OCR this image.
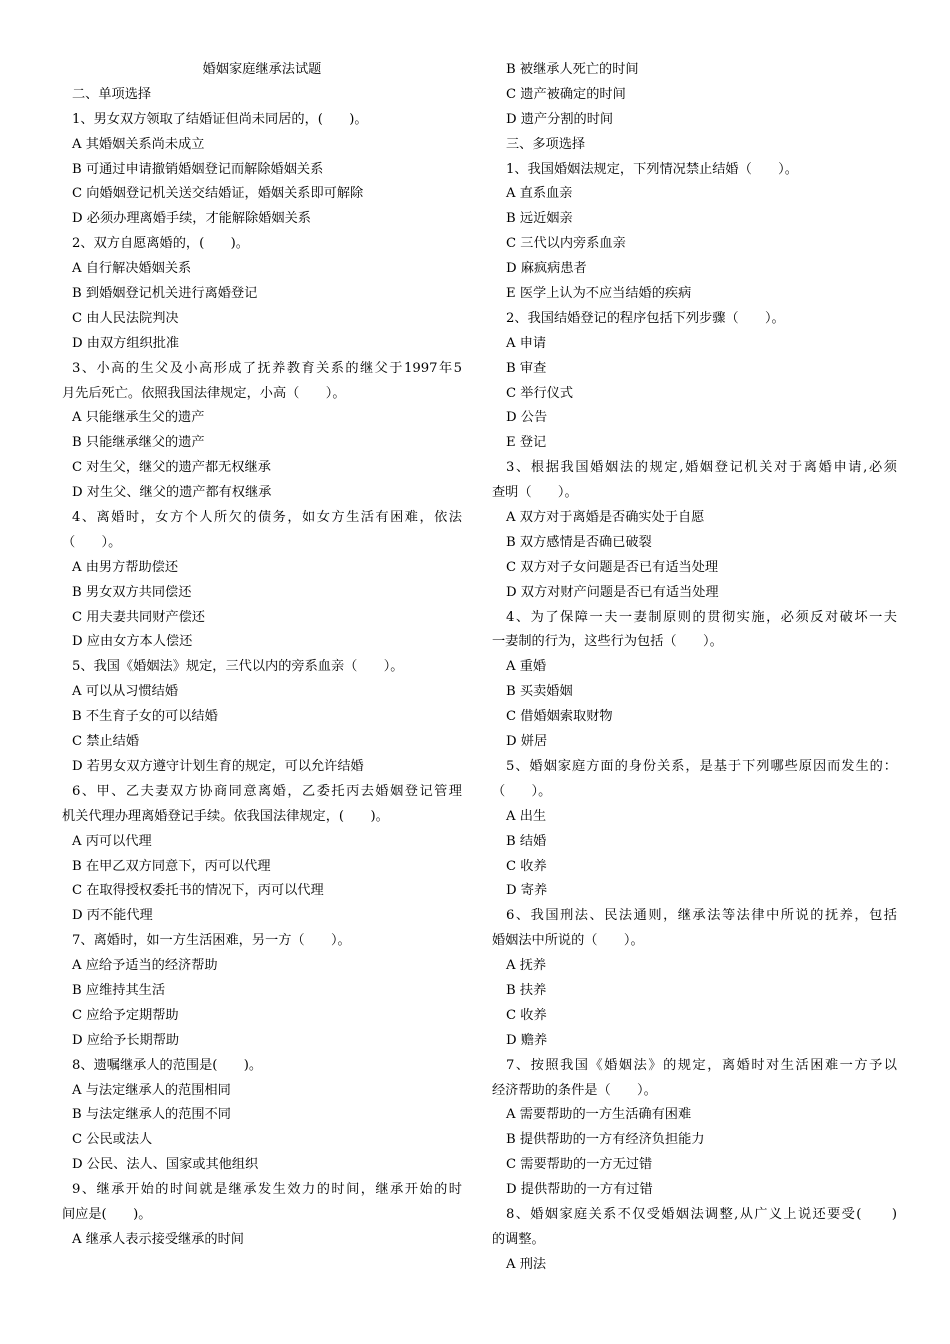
婚姻家庭继承法试题
二、单项选择
1、男女双方领取了结婚证但尚未同居的，(　　)。
A 其婚姻关系尚未成立
B 可通过申请撤销婚姻登记而解除婚姻关系
C 向婚姻登记机关送交结婚证，婚姻关系即可解除
D 必须办理离婚手续，才能解除婚姻关系
2、双方自愿离婚的，(　　)。
A 自行解决婚姻关系
B 到婚姻登记机关进行离婚登记
C 由人民法院判决
D 由双方组织批准
3、小高的生父及小高形成了抚养教育关系的继父于1997年5
月先后死亡。依照我国法律规定，小高（　　）。
A 只能继承生父的遗产
B 只能继承继父的遗产
C 对生父，继父的遗产都无权继承
D 对生父、继父的遗产都有权继承
4、离婚时，女方个人所欠的债务，如女方生活有困难，依法
（　　）。
A 由男方帮助偿还
B 男女双方共同偿还
C 用夫妻共同财产偿还
D 应由女方本人偿还
5、我国《婚姻法》规定，三代以内的旁系血亲（　　）。
A 可以从习惯结婚
B 不生育子女的可以结婚
C 禁止结婚
D 若男女双方遵守计划生育的规定，可以允许结婚
6、甲、乙夫妻双方协商同意离婚，乙委托丙去婚姻登记管理
机关代理办理离婚登记手续。依我国法律规定，(　　)。
A 丙可以代理
B 在甲乙双方同意下，丙可以代理
C 在取得授权委托书的情况下，丙可以代理
D 丙不能代理
7、离婚时，如一方生活困难，另一方（　　）。
A 应给予适当的经济帮助
B 应维持其生活
C 应给予定期帮助
D 应给予长期帮助
8、遗嘱继承人的范围是(　　)。
A 与法定继承人的范围相同
B 与法定继承人的范围不同
C 公民或法人
D 公民、法人、国家或其他组织
9、继承开始的时间就是继承发生效力的时间，继承开始的时
间应是(　　)。
A 继承人表示接受继承的时间
B 被继承人死亡的时间
C 遗产被确定的时间
D 遗产分割的时间
三、多项选择
1、我国婚姻法规定，下列情况禁止结婚（　　）。
A 直系血亲
B 远近姻亲
C 三代以内旁系血亲
D 麻疯病患者
E 医学上认为不应当结婚的疾病
2、我国结婚登记的程序包括下列步骤（　　）。
A 申请
B 审查
C 举行仪式
D 公告
E 登记
3、根据我国婚姻法的规定,婚姻登记机关对于离婚申请,必须
查明（　　）。
A 双方对于离婚是否确实处于自愿
B 双方感情是否确已破裂
C 双方对子女问题是否已有适当处理
D 双方对财产问题是否已有适当处理
4、为了保障一夫一妻制原则的贯彻实施，必须反对破坏一夫
一妻制的行为，这些行为包括（　　）。
A 重婚
B 买卖婚姻
C 借婚姻索取财物
D 姘居
5、婚姻家庭方面的身份关系，是基于下列哪些原因而发生的：
（　　）。
A 出生
B 结婚
C 收养
D 寄养
6、我国刑法、民法通则，继承法等法律中所说的抚养，包括
婚姻法中所说的（　　）。
A 抚养
B 扶养
C 收养
D 赡养
7、按照我国《婚姻法》的规定，离婚时对生活困难一方予以
经济帮助的条件是（　　）。
A 需要帮助的一方生活确有困难
B 提供帮助的一方有经济负担能力
C 需要帮助的一方无过错
D 提供帮助的一方有过错
8、婚姻家庭关系不仅受婚姻法调整,从广义上说还要受(　　)
的调整。
A 刑法
